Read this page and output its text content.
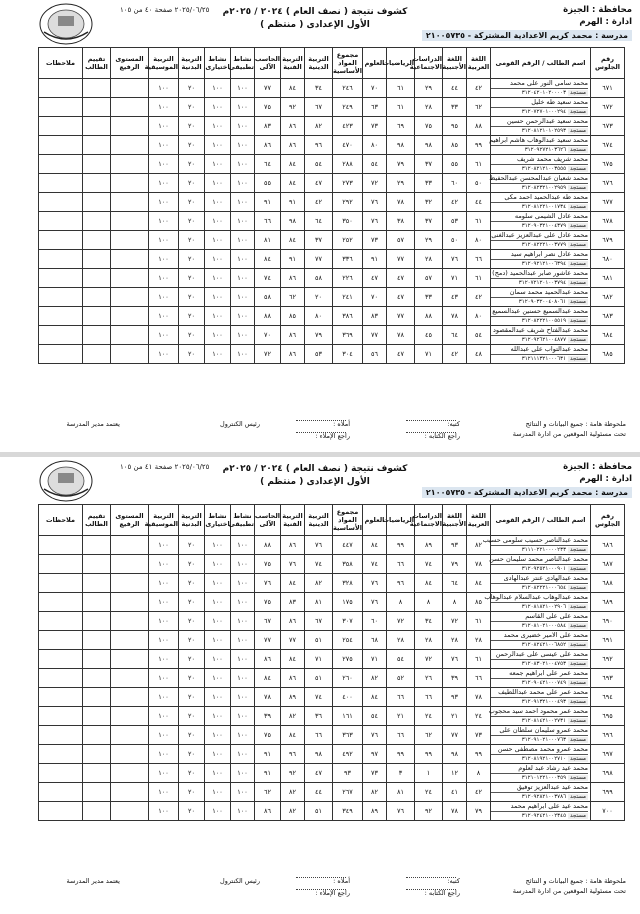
محافظة : الجيزة
ادارة : الهرم
مدرسة : محمد كريم الاعدادية المشتركة - ٢١٠٠٥٧٣٥
كشوف نتيجة ( نصف العام ) ٢٠٢٤ / ٢٠٢٥م
الأول الإعدادى ( منتظم )
٢٠٢٥/٠٦/٢٥ صفحة ٤٠ من ١٠٥
رقم الجلوس	اسم الطالب / الرقم القومى	اللغة العربية	اللغة الأجنبية	الدراسات الاجتماعية	الرياضيات	العلوم	مجموع المواد الأساسية	التربية الدينية	التربية الفنية	الحاسب الآلى	نشاط تطبيقى	نشاط اختيارى	التربية البدنية	التربية الموسيقية	المستوى الرفيع	تقييم الطالب	ملاحظات
٦٧١	محمد سامى النور على محمد
مستجد٣١٢٠٤٢٠١٠٢٠٠٠٠٣	٤٢	٤٤	٢٩	٦١	٧٠	٢٤٦	٣٤	٨٤	٧٧	١٠٠	١٠٠	٢٠	١٠٠			
٦٧٢	محمد سعيد طه خليل
مستجد٣١٢٠٧٢٧٠١٠٠٠٢٩٤	٦٢	٣٣	٢٨	٦١	٦٣	٢٤٩	٦٧	٩٢	٧٥	١٠٠	١٠٠	٢٠	١٠٠			
٦٧٣	محمد سعيد عبدالرحمن حسين
مستجد٣١٢٠٨١٢١٠١٠٢٥٩٣	٨٨	٩٥	٧٥	٦٩	٧٣	٤٢٣	٨٢	٨٦	٨٣	١٠٠	١٠٠	٢٠	١٠٠			
٦٧٤	محمد سعيد عبدالوهاب هاشم ابراهيم
مستجد٣١٢٠٩٢٧٢١٠٣٦٢٦	٩٩	٨٥	٩٨	٩٨	٨٠	٤٧٠	٩٦	٨٦	٨٦	١٠٠	١٠٠	٢٠	١٠٠			
٦٧٥	محمد شريف محمد شريف
مستجد٣١٢٠٨٢١٢١٠٠٣٥٥٥	٦١	٥٥	٣٧	٧٩	٥٤	٢٨٨	٥٤	٨٤	٦٤	١٠٠	١٠٠	٢٠	١٠٠			
٦٧٦	محمد شعبان عبدالمحسن عبدالحفيظ
مستجد٣١٢٠٨٢٣٢١٠٠٢٩٥٩	٥٠	٦٠	٣٣	٢٩	٧٢	٢٧٣	٤٧	٨٤	٥٥	١٠٠	١٠٠	٢٠	١٠٠			
٦٧٧	محمد طه عبدالحميد احمد مكى
مستجد٣١٢٠٨١٢٢١٠٠١٧٣٤	٤٤	٤٢	٣٢	٧٨	٧٦	٢٩٢	٤٢	٩١	٩١	١٠٠	١٠٠	٢٠	١٠٠			
٦٧٨	محمد عادل الشيمى سلومه
مستجد٣١٢٠٩٠٣٢١٠٠٤٣٧٩	٦١	٥٣	٣٧	٣٨	٧٦	٣٥٠	٦٤	٩٨	٦٦	١٠٠	١٠٠	٢٠	١٠٠			
٦٧٩	محمد عادل على عبدالعزيز عبدالغنى
مستجد٣١٢٠٨٢٢٢١٠٠٣٧٧٩	٨٠	٥٠	٢٩	٥٧	٧٣	٢٥٢	٣٧	٨٤	٨١	١٠٠	١٠٠	٢٠	١٠٠			
٦٨٠	محمد عادل نصر ابراهيم سيد
مستجد٣١٢٠٩٢١٢١٠٠٦٣٩٤	٦٦	٧٦	٢٨	٧٧	٩١	٣٣٦	٧٧	٩١	٨٤	١٠٠	١٠٠	٢٠	١٠٠			
٦٨١	محمد عاشور صابر عبدالحميد (دمج)
مستجد٣١٢٠٧٢١٢٠١٠٠٣٧٩٤	٦١	٧١	٥٧	٤٧	٤٧	٢٢٦	٥٨	٨٦	٧٤	١٠٠	١٠٠	٢٠	١٠٠			
٦٨٢	محمد عبدالحميد محمد سمان
مستجد٣١٢٠٩٠٣٢٠٠٤٠٨٠٦١	٤٢	٤٣	٣٣	٤٧	٧٠	٢٤١	٢٠	٦٢	٥٨	١٠٠	١٠٠	٢٠	١٠٠			
٦٨٣	محمد عبدالسميع حسنين عبدالسميع
مستجد٣١٢٠٨٢٢٢١٠٠٥٥١٩	٨٠	٧٨	٨٨	٧٧	٨٣	٣٨٦	٨٠	٨٥	٨٨	١٠٠	١٠٠	٢٠	١٠٠			
٦٨٤	محمد عبدالفتاح شريف عبدالمقصود
مستجد٣١٢٠٩٢٦٢١٠٠٤٨٧٧	٥٤	٦٤	٤٥	٧٨	٧٧	٣٦٩	٧٩	٨٦	٧٠	١٠٠	١٠٠	٢٠	١٠٠			
٦٨٥	محمد عبدالتواب على عبدالله
مستجد٣١٢١١١٣٢١٠٠٠٦٣١	٤٨	٤٢	٧١	٤٧	٥٦	٣٠٤	٥٣	٨٦	٧٢	١٠٠	١٠٠	٢٠	١٠٠			
ملحوظة هامة : جميع البيانات و النتائج
تحت مسئولية الموقعين من ادارة المدرسة
كتبه:
راجع الكتابه :
أملاه :
راجع الإملاء :
رئيس الكنترول
يعتمد مدير المدرسة
محافظة : الجيزة
ادارة : الهرم
مدرسة : محمد كريم الاعدادية المشتركة - ٢١٠٠٥٧٣٥
كشوف نتيجة ( نصف العام ) ٢٠٢٤ / ٢٠٢٥م
الأول الإعدادى ( منتظم )
٢٠٢٥/٠٦/٢٥ صفحة ٤١ من ١٠٥
رقم الجلوس	اسم الطالب / الرقم القومى	اللغة العربية	اللغة الأجنبية	الدراسات الاجتماعية	الرياضيات	العلوم	مجموع المواد الأساسية	التربية الدينية	التربية الفنية	الحاسب الآلى	نشاط تطبيقى	نشاط اختيارى	التربية البدنية	التربية الموسيقية	المستوى الرفيع	تقييم الطالب	ملاحظات
٦٨٦	محمد عبدالناصر حسيب سلومى حسيب
مستجد٣١١١٠٢٢١٠٠٠٠٢٣٣	٨٢	٩٣	٨٩	٩٩	٨٤	٤٤٧	٧٦	٨٦	٨٨	١٠٠	١٠٠	٢٠	١٠٠			
٦٨٧	محمد عبدالناصر محمد سليمان حسن
مستجد٣١٢٠٩٢٥٢١٠٠٠٩٠١	٧٨	٧٩	٧٤	٦٦	٧٤	٣٥٨	٧٤	٧٦	٧٥	١٠٠	١٠٠	٢٠	١٠٠			
٦٨٨	محمد عبدالهادى عنتر عبدالهادى
مستجد٣١٢٠٨٢٢٢١٠٠٠٦٥٤	٨٤	٦٤	٨٤	٩٦	٧٦	٣٢٨	٨٢	٨٤	٧٦	١٠٠	١٠٠	٢٠	١٠٠			
٦٨٩	محمد عبدالوهاب عبدالسلام عبدالوهاب
مستجد٣١٢٠٨١٨٢١٠٠٢٩٠٦	٨٥	٨	٨	٨	٧٦	١٧٥	٨١	٨٣	٧٥	١٠٠	١٠٠	٢٠	١٠٠			
٦٩٠	محمد على على القاسم
مستجد٣١٢٠٨١٠٢١٠٠٠٥٨٤	٦١	٧٢	٣٤	٧٢	٦٠	٣٠٧	٦٧	٨٦	٦٧	١٠٠	١٠٠	٢٠	١٠٠			
٦٩١	محمد على الامير خضيرى محمد
مستجد٣١٢٠٨٢٤٢١٠٠٦٨٥٢	٢٨	٢٨	٢٨	٢٨	٦٨	٢٥٤	٥١	٧٧	٧٧	١٠٠	١٠٠	٢٠	١٠٠			
٦٩٢	محمد على عيسى على عبدالرحمن
مستجد٣١٢٠٨٣٠٢١٠٠٤٧٥٣	٦١	٧٦	٧٢	٥٤	٧١	٢٧٥	٧١	٨٤	٨٦	١٠٠	١٠٠	٢٠	١٠٠			
٦٩٣	محمد عمر على ابراهيم جمعه
مستجد٣١٢٠٩٠٤٢١٠٠٠٧٤٩	٦٦	٣٩	٢٦	٥٢	٨٢	٢٦٠	٥١	٨٦	٨٤	١٠٠	١٠٠	٢٠	١٠٠			
٦٩٤	محمد عمر على محمد عبداللطيف
مستجد٣١٢٠٩١٣٢١٠٠٠٤٩٣	٧٨	٩٣	٦٦	٦٦	٨٤	٤٠٠	٧٤	٨٩	٧٨	١٠٠	١٠٠	٢٠	١٠٠			
٦٩٥	محمد عمر محمود احمد سيد محجوب
مستجد٣١٢٠٨١٤٢١٠٠٢٧٣١	٢٤	٢١	٢٤	٢١	٥٤	١٦١	٣٦	٨٢	٣٩	١٠٠	١٠٠	٢٠	١٠٠			
٦٩٦	محمد عمرو سليمان سلطان على
مستجد٣١٢٠٩١٠٢١٠٠٠٧٦٣	٧٣	٧٧	٦٢	٦٦	٧٦	٣٦٣	٦٦	٨٤	٧٥	١٠٠	١٠٠	٢٠	١٠٠			
٦٩٧	محمد عمرو محمد مصطفى حسن
مستجد٣١٢٠٨١٩٢١٠٠٢٧١٠	٩٩	٩٨	٩٩	٩٩	٩٧	٤٩٢	٩٨	٩٦	٩١	١٠٠	١٠٠	٢٠	١٠٠			
٦٩٨	محمد عيد رشاد عبد لعلوم
مستجد٣١٢١٠١٢٢١٠٠٠٣٥٩	٨	١٢	١	٣	٧٣	٩٣	٤٧	٩٢	٩١	١٠٠	١٠٠	٢٠	١٠٠			
٦٩٩	محمد عيد عبدالعزيز توفيق
مستجد٣١٢٠٩٢٨٢١٠٠٣٧٨٦	٤٢	٤١	٢٤	٨١	٨٢	٢٦٧	٤٤	٨٢	٦٢	١٠٠	١٠٠	٢٠	١٠٠			
٧٠٠	محمد عيد على ابراهيم محمد
مستجد٣١٢٠٩٢٤٢١٠٠٢٣٤٥	٧٩	٧٨	٩٢	٧٦	٨٩	٣٤٩	٥١	٨٢	٨٦	١٠٠	١٠٠	٢٠	١٠٠			
ملحوظة هامة : جميع البيانات و النتائج
تحت مسئولية الموقعين من ادارة المدرسة
كتبه:
راجع الكتابه :
أملاه :
راجع الإملاء :
رئيس الكنترول
يعتمد مدير المدرسة
